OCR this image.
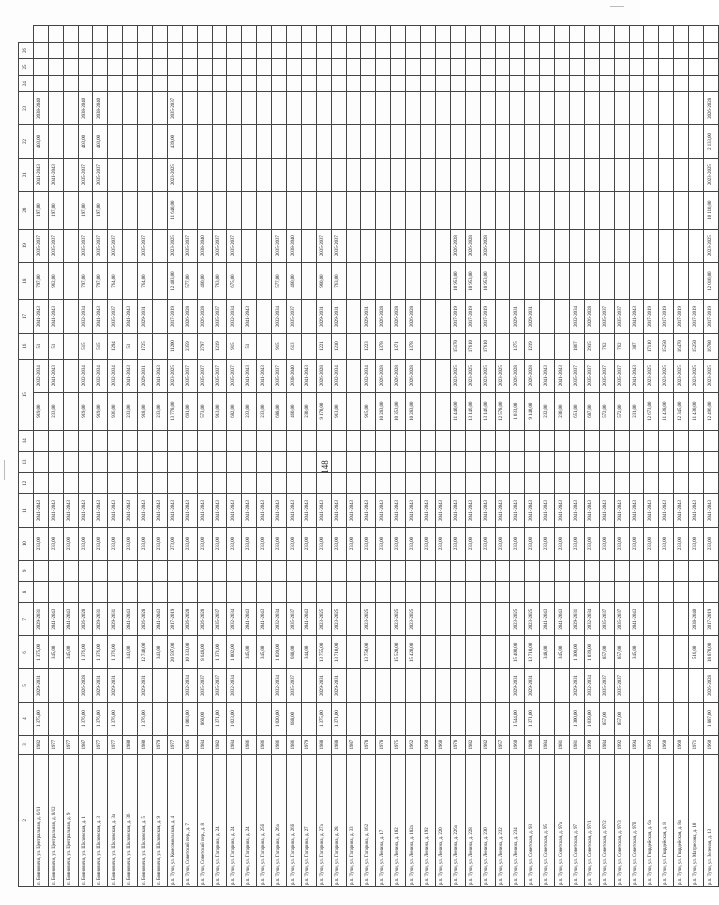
148
2	3	4	5	6	7	8	9	10	11	12	13	14	15		16	17	18	19	20	21	22	23	24	25	26	
п. Бояновичи, ул. Центральная, д. 6/11	1982	1 375,00	2029-2031	1 375,00	2029-2031			233,00	2041-2043				919,00	2032-2034	51	2041-2043	797,00	2035-2037	197,00	2041-2043	403,00	2038-2040				
п. Бояновичи, ул. Центральная, д. 8/12	1977			345,00	2041-2043			233,00	2041-2043				233,00	2041-2043	51	2041-2043	962,00	2035-2037	197,00	2041-2043						
п. Бояновичи, ул. Центральная, д. 9	1977			345,00	2041-2043			233,00	2041-2043																	
п. Бояновичи, ул. Шкловская, д. 1	1987	1 376,00	2026-2028	1 376,00	2026-2028			233,00	2041-2043				919,00	2032-2034	515	2032-2034	797,00	2035-2037	197,00	2035-2037	403,00	2038-2040				
п. Бояновичи, ул. Шкловская, д. 3	1977	1 376,00	2029-2031	1 376,00	2029-2031			233,00	2041-2043				919,00	2032-2034	515	2041-2043	797,00	2035-2037	197,00	2035-2037	403,00	2038-2040				
п. Бояновичи, ул. Шкловская, д. 3а	1977	1 376,00	2029-2031	1 376,00	2029-2031			233,00	2041-2043				936,00	2032-2034	1294	2035-2037	764,00	2035-2037								
п. Бояновичи, ул. Шкловская, д. 36	1980			343,00	2041-2043			233,00	2041-2043				233,00	2041-2043	51	2041-2043										
п. Бояновичи, ул. Шкловская, д. 5	1980	1 376,00	2029-2031	12 740,00	2026-2028			233,00	2041-2043				918,00	2029-2031	1725	2029-2031	764,00	2035-2037								
п. Бояновичи, ул. Шкловская, д. 9	1979			343,00	2041-2043			233,00	2041-2043				233,00	2041-2043												
р.п. Тучи, ул. Комсомольская, д. 4	1977			20 597,00	2017-2019			273,00	2041-2043				13 778,00	2023-2025	11200	2017-2019	12 403,00	2023-2025	11 640,00	2023-2025	439,00	2035-2037				
р.п. Тучи, Советский пер., д. 7	1985	1 003,00	2032-2034	10 333,00	2026-2028			233,00	2041-2043				691,00	2035-2037	2359	2026-2028	577,00	2035-2037								
р.п. Тучи, Советский пер., д. 8	1984	860,00	2035-2037	8 648,00	2026-2028			233,00	2041-2043				573,00	2035-2037	2797	2026-2028	460,00	2038-2040								
р.п. Тучи, ул. Гагарина, д. 24	1982	1 371,00	2035-2037	1 371,00	2035-2037			233,00	2041-2043				913,00	2035-2037	1219	2035-2037	763,00	2035-2037								
р.п. Тучи, ул. Гагарина, д. 24	1984	1 023,00	2032-2034	1 002,00	2032-2034			233,00	2041-2043				682,00	2035-2037	915	2032-2034	675,00	2035-2037								
р.п. Тучи, ул. Гагарина, д. 24	1986			345,00	2041-2043			233,00	2041-2043				233,00	2041-2043	51	2041-2043										
р.п. Тучи, ул. Гагарина, д. 25б	1986			345,00	2041-2043			233,00	2041-2043				233,00	2041-2043												
р.п. Тучи, ул. Гагарина, д. 26а	1986	1 020,00	2032-2034	1 020,00	2032-2034			233,00	2041-2043				688,00	2035-2037	915	2032-2034	577,00	2035-2037								
р.п. Тучи, ул. Гагарина, д. 26б	1986	688,00	2035-2037	688,00	2035-2037			233,00	2041-2043				460,00	2038-2040	613	2035-2037	460,00	2038-2040								
р.п. Тучи, ул. Гагарина, д. 27	1979			344,00	2041-2043			233,00	2041-2043				230,00	2041-2043												
р.п. Тучи, ул. Гагарина, д. 27а	1988	1 375,00	2029-2031	13 755,00	2023-2025			233,00	2041-2043				9 170,00	2026-2028	1221	2029-2031	960,00	2035-2037								
р.п. Тучи, ул. Гагарина, д. 28	1988	1 371,00	2029-2031	13 710,00	2023-2025			233,00	2041-2043				913,00	2032-2034	1210	2029-2031	763,00	2035-2037								
р.п. Тучи, ул. Гагарина, д. 33	1987							233,00	2041-2043																	
р.п. Тучи, ул. Гагарина, д. 162	1978			13 750,00	2023-2025			233,00	2041-2043				915,00	2032-2034	1223	2029-2031										
р.п. Тучи, ул. Ленина, д. 17	1978							233,00	2041-2043				10 283,00	2026-2028	1378	2026-2028										
р.п. Тучи, ул. Ленина, д. 182	1975			15 520,00	2023-2025			233,00	2041-2043				10 353,00	2026-2028	1371	2026-2028										
р.п. Тучи, ул. Ленина, д. 182а	1962			15 420,00	2023-2025			233,00	2041-2043				10 283,00	2026-2028	1378	2026-2028										
р.п. Тучи, ул. Ленина, д. 192	1960							233,00	2041-2043																	
р.п. Тучи, ул. Ленина, д. 220	1960							233,00	2041-2043																	
р.п. Тучи, ул. Ленина, д. 226а	1978							233,00	2041-2043				11 440,00	2023-2025	15170	2017-2019	10 953,00	2026-2028								
р.п. Тучи, ул. Ленина, д. 228	1982							233,00	2041-2043				13 146,00	2023-2025	17610	2017-2019	10 953,00	2026-2028								
р.п. Тучи, ул. Ленина, д. 230	1982							233,00	2041-2043				13 146,00	2023-2025	17610	2017-2019	10 953,00	2026-2028								
р.п. Тучи, ул. Ленина, д. 232	1957							233,00	2041-2043				12 578,00	2023-2025												
р.п. Тучи, ул. Ленина, д. 234	1960	1 544,00	2029-2031	15 400,00	2023-2025			233,00	2041-2043				1 033,00	2026-2028	1375	2029-2031										
р.п. Тучи, ул. Советская, д. 93	1988	1 371,00	2029-2031	13 710,00	2023-2025			233,00	2041-2043				9 140,00	2026-2028	1219	2029-2031										
р.п. Тучи, ул. Советская, д. 95	1984			348,00	2041-2043			233,00	2041-2043				232,00	2041-2043												
р.п. Тучи, ул. Советская, д. 97а	1981			345,00	2041-2043			233,00	2041-2043				230,00	2041-2043												
р.п. Тучи, ул. Советская, д. 97	1981	1 300,00	2029-2031	1 300,00	2029-2031			233,00	2041-2043				651,00	2035-2037	1867	2032-2034										
р.п. Тучи, ул. Советская, д. 97/1	1990	1 039,00	2032-2034	1 039,00	2032-2034			233,00	2041-2043				687,00	2035-2037	2915	2026-2028										
р.п. Тучи, ул. Советская, д. 97/2	1984	857,00	2035-2037	857,00	2035-2037			233,00	2041-2043				572,00	2035-2037	762	2035-2037										
р.п. Тучи, ул. Советская, д. 97/3	1992	857,00	2035-2037	857,00	2035-2037			233,00	2041-2043				572,00	2035-2037	762	2035-2037										
р.п. Тучи, ул. Советская, д. 97б	1994			345,00	2041-2043			233,00	2041-2043				231,00	2041-2043	307	2041-2043										
р.п. Тучи, ул. Гвардейская, д. 6а	1963							233,00	2041-2043				12 673,00	2023-2025	17110	2017-2019										
р.п. Тучи, ул. Гвардейская, д. 8	1960							233,00	2041-2043				11 438,00	2023-2025	15250	2017-2019										
р.п. Тучи, ул. Гвардейская, д. 8а	1960							233,00	2041-2043				12 345,00	2023-2025	16470	2017-2019										
р.п. Тучи, ул. Матросова, д. 10	1971			516,00	2038-2040			233,00	2041-2043				11 430,00	2023-2025	15250	2017-2019										
р.п. Тучи, ул. Зеленая, д. 13	1960	1 887,00	2026-2028	18 870,00	2017-2019			233,00	2041-2043				12 496,00	2023-2025	16780	2017-2019	12 010,00	2023-2025	10 110,00	2023-2025	2 133,00	2026-2028				
